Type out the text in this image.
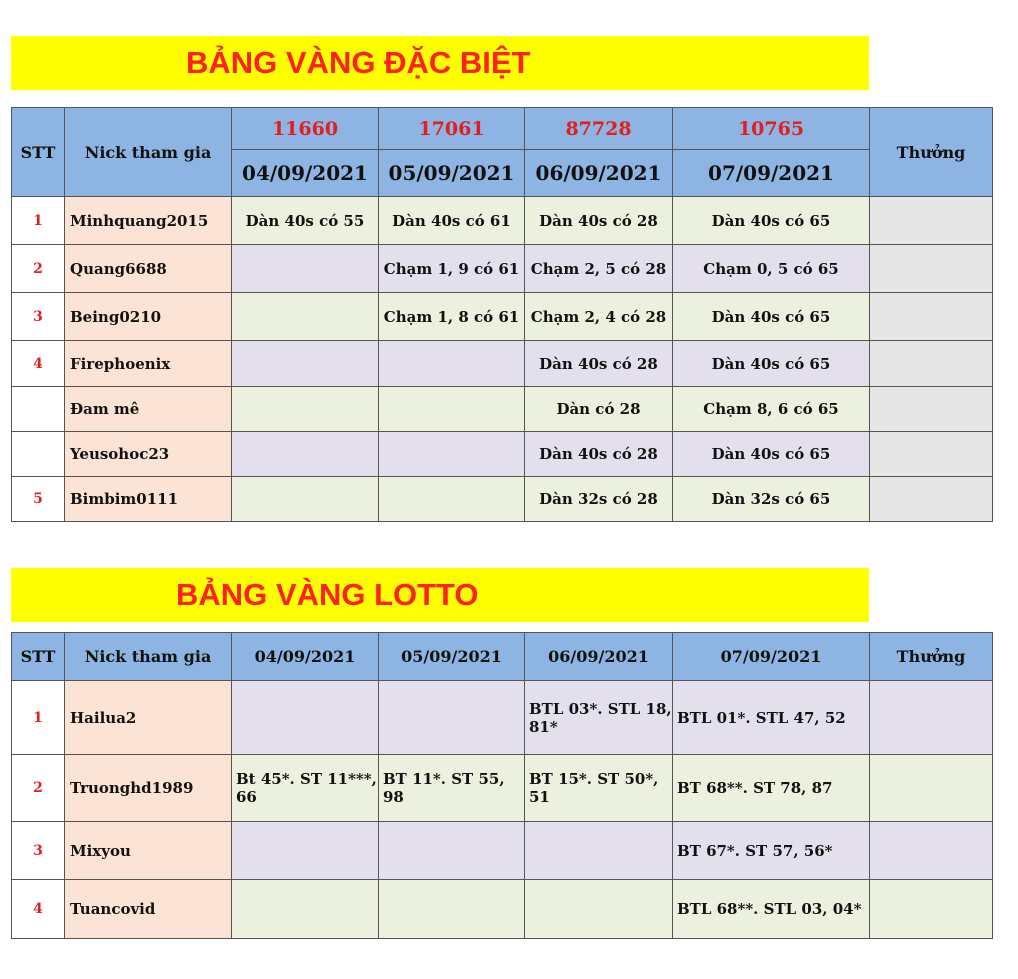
BẢNG VÀNG ĐẶC BIỆT
STT	Nick tham gia	11660	17061	87728	10765	Thưởng
		04/09/2021	05/09/2021	06/09/2021	07/09/2021	
1	Minhquang2015	Dàn 40s có 55	Dàn 40s có 61	Dàn 40s có 28	Dàn 40s có 65	
2	Quang6688		Chạm 1, 9 có 61	Chạm 2, 5 có 28	Chạm 0, 5 có 65	
3	Being0210		Chạm 1, 8 có 61	Chạm 2, 4 có 28	Dàn 40s có 65	
4	Firephoenix			Dàn 40s có 28	Dàn 40s có 65	
	Đam mê			Dàn có 28	Chạm 8, 6 có 65	
	Yeusohoc23			Dàn 40s có 28	Dàn 40s có 65	
5	Bimbim0111			Dàn 32s có 28	Dàn 32s có 65	
BẢNG VÀNG LOTTO
STT	Nick tham gia	04/09/2021	05/09/2021	06/09/2021	07/09/2021	Thưởng
1	Hailua2			BTL 03*. STL 18, 81*	BTL 01*. STL 47, 52	
2	Truonghd1989	Bt 45*. ST 11***, 66	BT 11*. ST 55, 98	BT 15*. ST 50*, 51	BT 68**. ST 78, 87	
3	Mixyou				BT 67*. ST 57, 56*	
4	Tuancovid				BTL 68**. STL 03, 04*	
